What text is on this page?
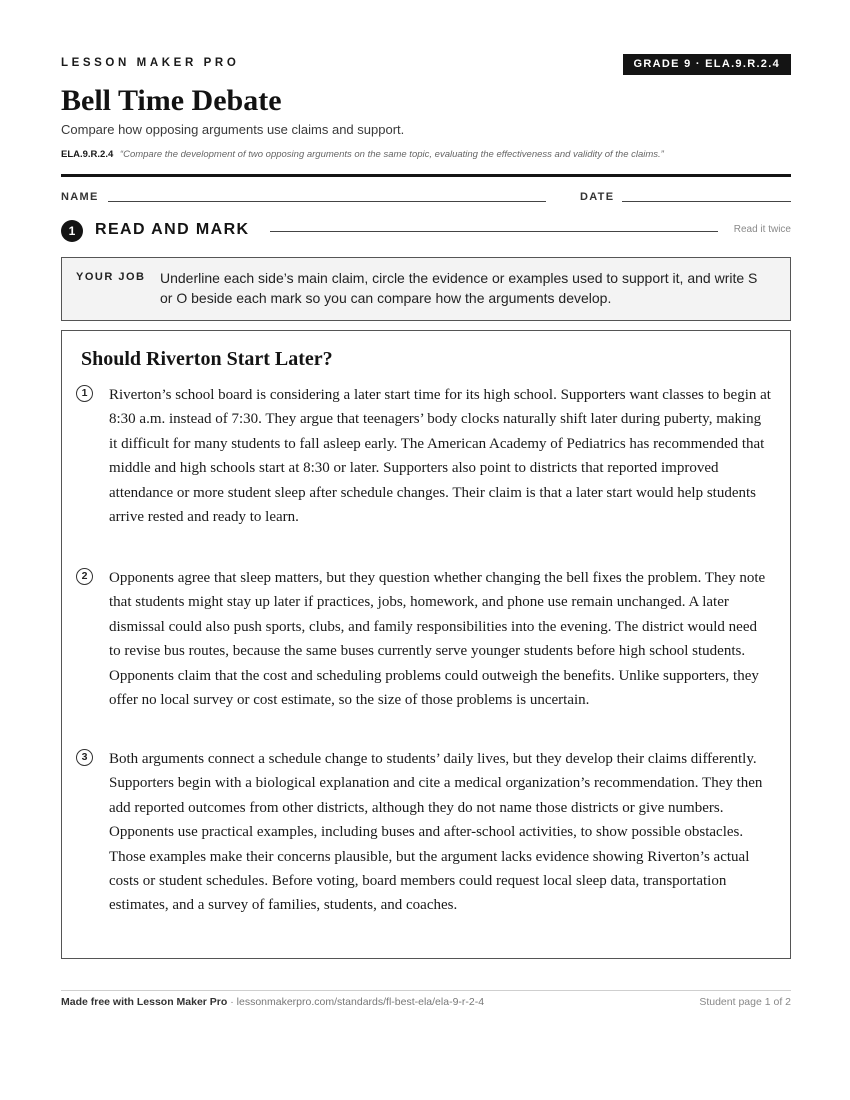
LESSON MAKER PRO	GRADE 9 · ELA.9.R.2.4
Bell Time Debate

Compare how opposing arguments use claims and support.

ELA.9.R.2.4 “Compare the development of two opposing arguments on the same topic, evaluating the effectiveness and validity of the claims.”
NAME	DATE
1	READ AND MARK	Read it twice
YOUR JOB Underline each side’s main claim, circle the evidence or examples used to support it, and write S or O beside each mark so you can compare how the arguments develop.

Should Riverton Start Later?
1	Riverton’s school board is considering a later start time for its high school. Supporters want classes to begin at 8:30 a.m. instead of 7:30. They argue that teenagers’ body clocks naturally shift later during puberty, making it difficult for many students to fall asleep early. The American Academy of Pediatrics has recommended that middle and high schools start at 8:30 or later. Supporters also point to districts that reported improved attendance or more student sleep after schedule changes. Their claim is that a later start would help students arrive rested and ready to learn.

2	Opponents agree that sleep matters, but they question whether changing the bell fixes the problem. They note that students might stay up later if practices, jobs, homework, and phone use remain unchanged. A later dismissal could also push sports, clubs, and family responsibilities into the evening. The district would need to revise bus routes, because the same buses currently serve younger students before high school students. Opponents claim that the cost and scheduling problems could outweigh the benefits. Unlike supporters, they offer no local survey or cost estimate, so the size of those problems is uncertain.

3	Both arguments connect a schedule change to students’ daily lives, but they develop their claims differently. Supporters begin with a biological explanation and cite a medical organization’s recommendation. They then add reported outcomes from other districts, although they do not name those districts or give numbers. Opponents use practical examples, including buses and after-school activities, to show possible obstacles. Those examples make their concerns plausible, but the argument lacks evidence showing Riverton’s actual costs or student schedules. Before voting, board members could request local sleep data, transportation estimates, and a survey of families, students, and coaches.

Made free with Lesson Maker Pro · lessonmakerpro.com/standards/fl-best-ela/ela-9-r-2-4	Student page 1 of 2
